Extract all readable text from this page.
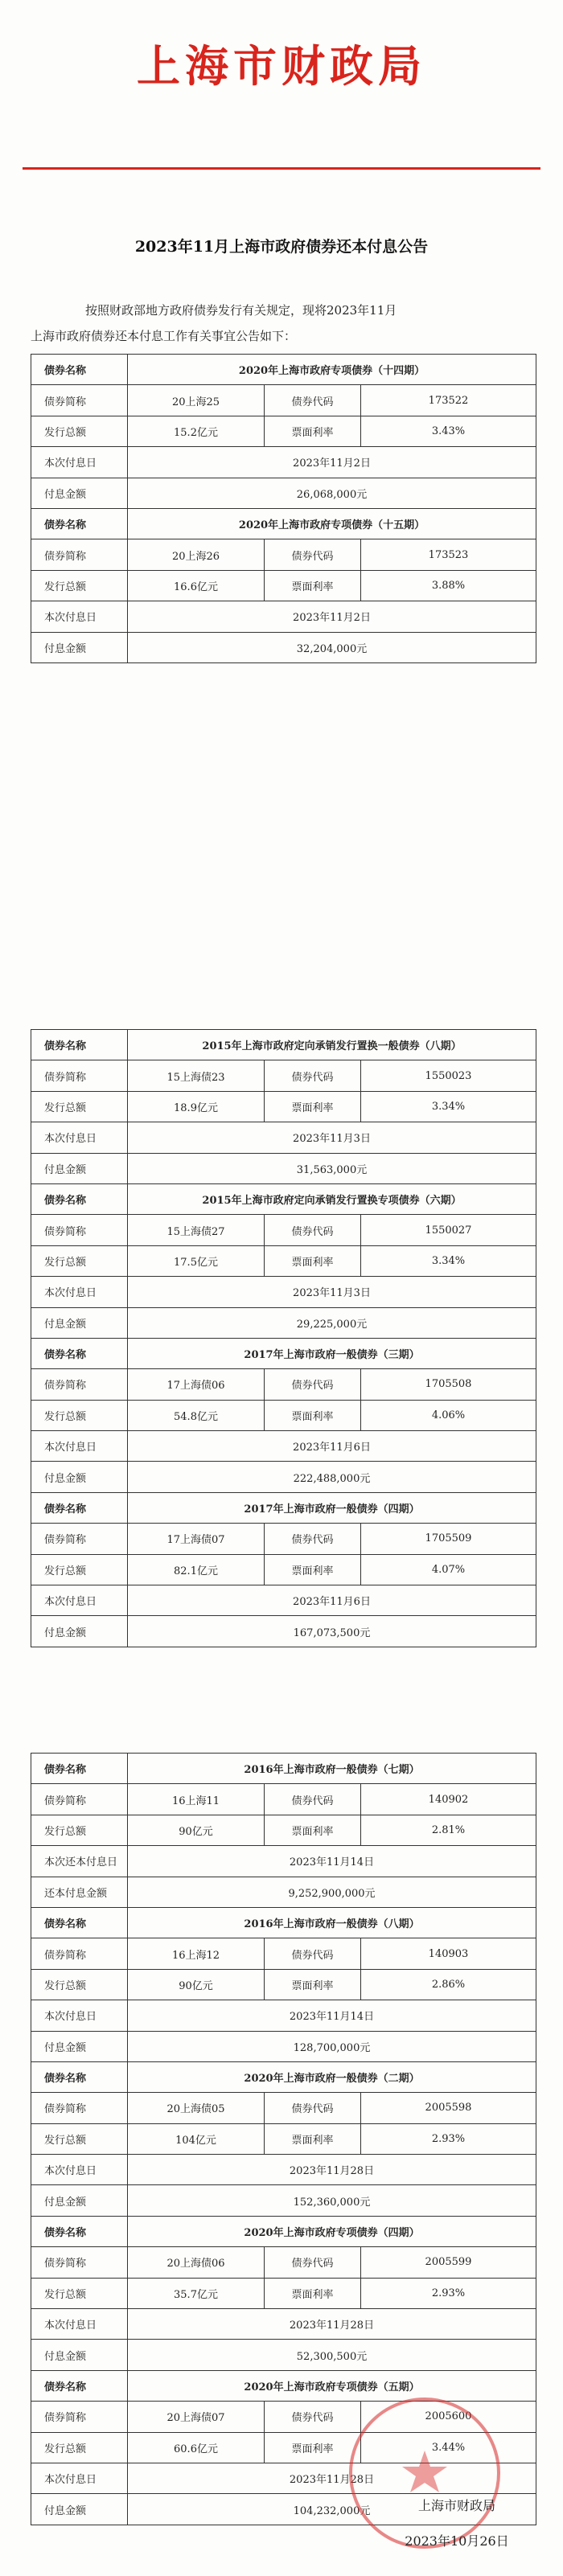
上海市财政局
2023年11月上海市政府债券还本付息公告

按照财政部地方政府债券发行有关规定，现将2023年11月

上海市政府债券还本付息工作有关事宜公告如下：

债券名称	2020年上海市政府专项债券（十四期）		
债券简称	20上海25	债券代码	173522
发行总额	15.2亿元	票面利率	3.43%
本次付息日	2023年11月2日		
付息金额	26,068,000元		
债券名称	2020年上海市政府专项债券（十五期）		
债券简称	20上海26	债券代码	173523
发行总额	16.6亿元	票面利率	3.88%
本次付息日	2023年11月2日		
付息金额	32,204,000元		
债券名称	2015年上海市政府定向承销发行置换一般债券（八期）		
债券简称	15上海债23	债券代码	1550023
发行总额	18.9亿元	票面利率	3.34%
本次付息日	2023年11月3日		
付息金额	31,563,000元		
债券名称	2015年上海市政府定向承销发行置换专项债券（六期）		
债券简称	15上海债27	债券代码	1550027
发行总额	17.5亿元	票面利率	3.34%
本次付息日	2023年11月3日		
付息金额	29,225,000元		
债券名称	2017年上海市政府一般债券（三期）		
债券简称	17上海债06	债券代码	1705508
发行总额	54.8亿元	票面利率	4.06%
本次付息日	2023年11月6日		
付息金额	222,488,000元		
债券名称	2017年上海市政府一般债券（四期）		
债券简称	17上海债07	债券代码	1705509
发行总额	82.1亿元	票面利率	4.07%
本次付息日	2023年11月6日		
付息金额	167,073,500元		
债券名称	2016年上海市政府一般债券（七期）		
债券简称	16上海11	债券代码	140902
发行总额	90亿元	票面利率	2.81%
本次还本付息日	2023年11月14日		
还本付息金额	9,252,900,000元		
债券名称	2016年上海市政府一般债券（八期）		
债券简称	16上海12	债券代码	140903
发行总额	90亿元	票面利率	2.86%
本次付息日	2023年11月14日		
付息金额	128,700,000元		
债券名称	2020年上海市政府一般债券（二期）		
债券简称	20上海债05	债券代码	2005598
发行总额	104亿元	票面利率	2.93%
本次付息日	2023年11月28日		
付息金额	152,360,000元		
债券名称	2020年上海市政府专项债券（四期）		
债券简称	20上海债06	债券代码	2005599
发行总额	35.7亿元	票面利率	2.93%
本次付息日	2023年11月28日		
付息金额	52,300,500元		
债券名称	2020年上海市政府专项债券（五期）		
债券简称	20上海债07	债券代码	2005600
发行总额	60.6亿元	票面利率	3.44%
本次付息日	2023年11月28日		
付息金额	104,232,000元			上海市财政局
2023年10月26日
